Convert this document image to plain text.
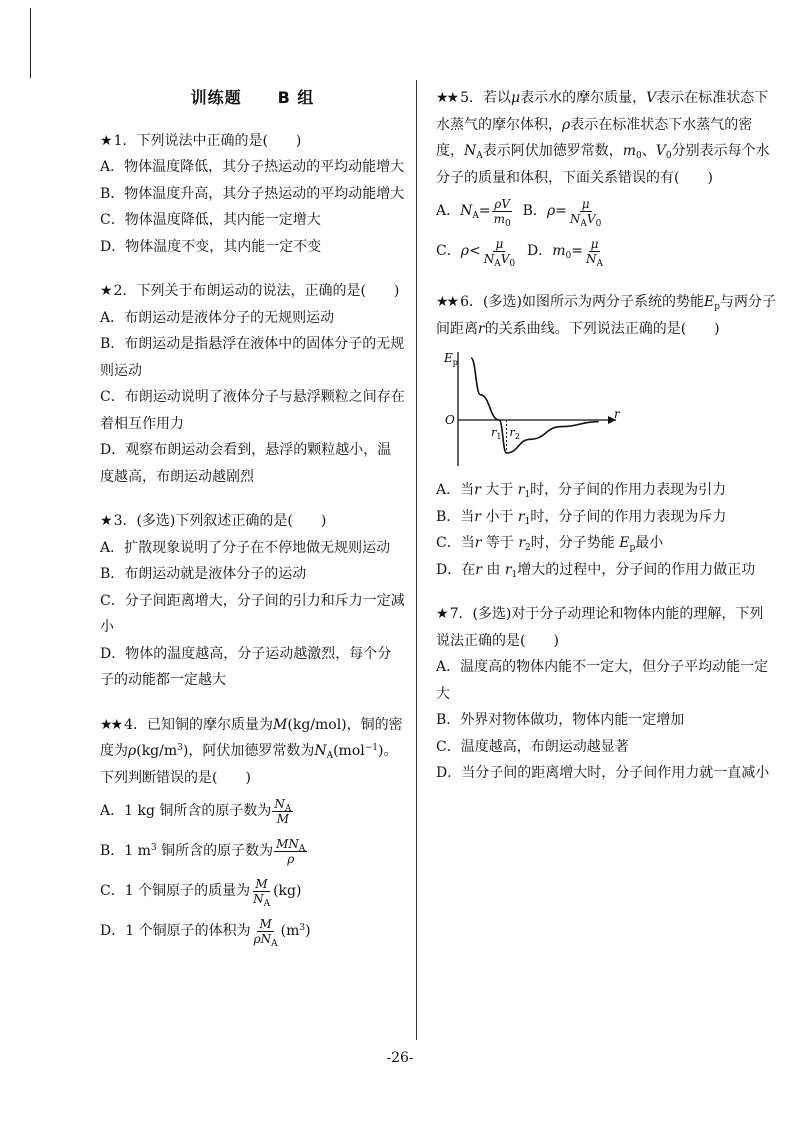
训练题 B 组

★ 1．下列说法中正确的是(　　)

A．物体温度降低，其分子热运动的平均动能增大

B．物体温度升高，其分子热运动的平均动能增大

C．物体温度降低，其内能一定增大

D．物体温度不变，其内能一定不变

★ 2．下列关于布朗运动的说法，正确的是(　　)

A．布朗运动是液体分子的无规则运动

B．布朗运动是指悬浮在液体中的固体分子的无规则运动

C．布朗运动说明了液体分子与悬浮颗粒之间存在着相互作用力

D．观察布朗运动会看到，悬浮的颗粒越小，温度越高，布朗运动越剧烈

★ 3．(多选)下列叙述正确的是(　　)

A．扩散现象说明了分子在不停地做无规则运动

B．布朗运动就是液体分子的运动

C．分子间距离增大，分子间的引力和斥力一定减小

D．物体的温度越高，分子运动越激烈，每个分子的动能都一定越大

★★ 4．已知铜的摩尔质量为M(kg/mol)，铜的密度为$\rho(kg/m^3)$，阿伏加德罗常数为$N_A(mol^{-1})$。下列判断错误的是(　　)

A．1 kg 铜所含的原子数为 $\frac{N_A}{M}$

B．1 $m^3$ 铜所含的原子数为 $\frac{MN_A}{\rho}$

C．1 个铜原子的质量为 $\frac{M}{N_A} (kg)$

D．1 个铜原子的体积为 $\frac{M}{\rho N_A} (m^3)$

★★ 5．若以μ表示水的摩尔质量，V表示在标准状态下水蒸气的摩尔体积，ρ表示在标准状态下水蒸气的密度，$N_A$表示阿伏加德罗常数，$m_0$、$V_0$分别表示每个水分子的质量和体积，下面关系错误的有(　　)

A．$N_A= \frac{\rho V}{m_0}$ B．$\rho= \frac{\mu}{N_AV_0}$

C．$\rho< \frac{\mu}{N_AV_0}$ D．$m_0= \frac{\mu}{N_A}$

★★ 6．(多选)如图所示为两分子系统的势能$E_p$与两分子间距离r的关系曲线。下列说法正确的是(　　)

$E_p$
O	r
$r_1$ $r_2$

A．当r 大于 $r_1$时，分子间的作用力表现为引力

B．当r 小于 $r_1$时，分子间的作用力表现为斥力

C．当r 等于 $r_2$时，分子势能 $E_p$最小

D．在r 由 $r_1$增大的过程中，分子间的作用力做正功

★ 7．(多选)对于分子动理论和物体内能的理解，下列说法正确的是(　　)

A．温度高的物体内能不一定大，但分子平均动能一定大

B．外界对物体做功，物体内能一定增加

C．温度越高，布朗运动越显著

D．当分子间的距离增大时，分子间作用力就一直减小

-26-
